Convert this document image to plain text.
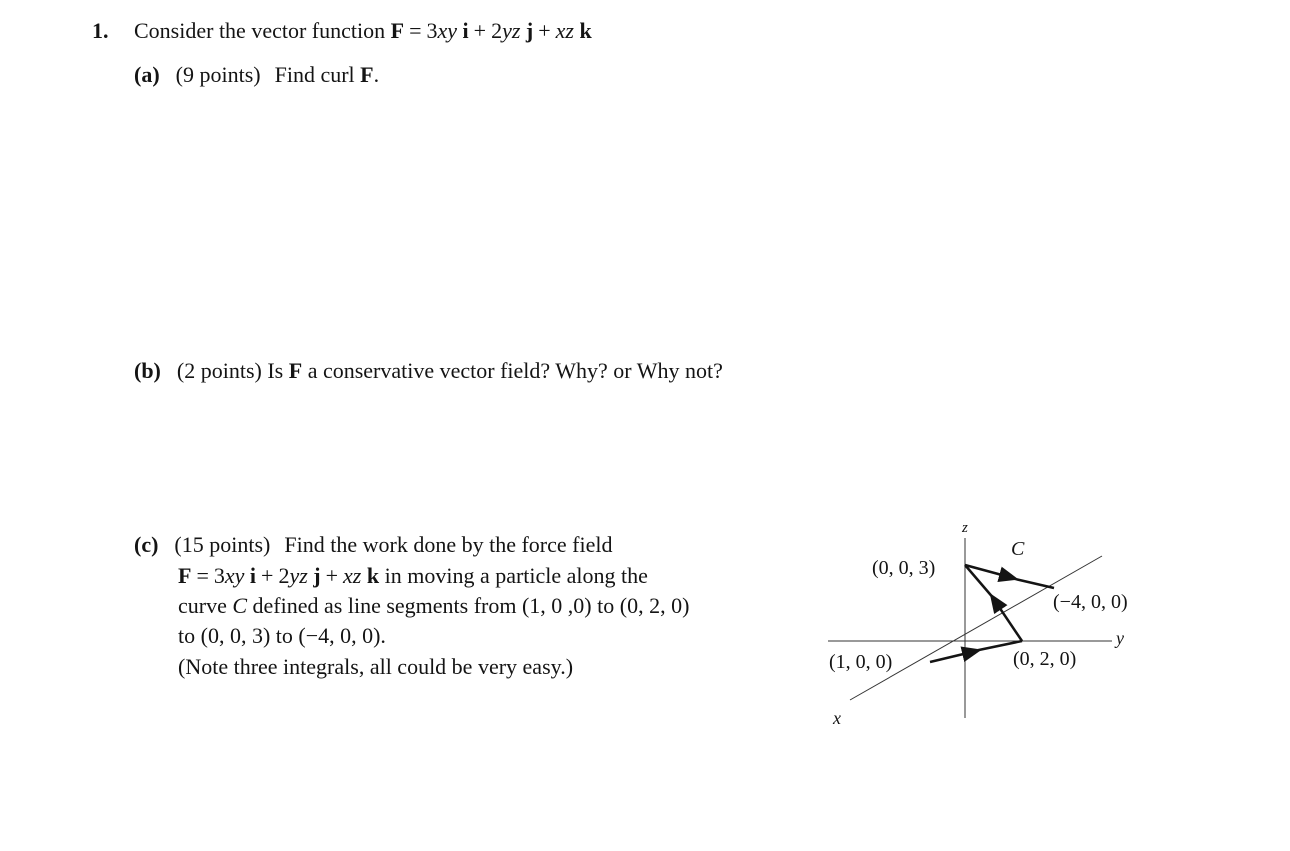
1. Consider the vector function F = 3xy i + 2yz j + xz k
(a) (9 points) Find curl F.
(b) (2 points) Is F a conservative vector field? Why? or Why not?
(c) (15 points) Find the work done by the force field
F = 3xy i + 2yz j + xz k in moving a particle along the
curve C defined as line segments from (1, 0 ,0) to (0, 2, 0)
to (0, 0, 3) to (−4, 0, 0).
(Note three integrals, all could be very easy.)
z
y
x
(0, 0, 3)
C
(−4, 0, 0)
(1, 0, 0)	(0, 2, 0)
